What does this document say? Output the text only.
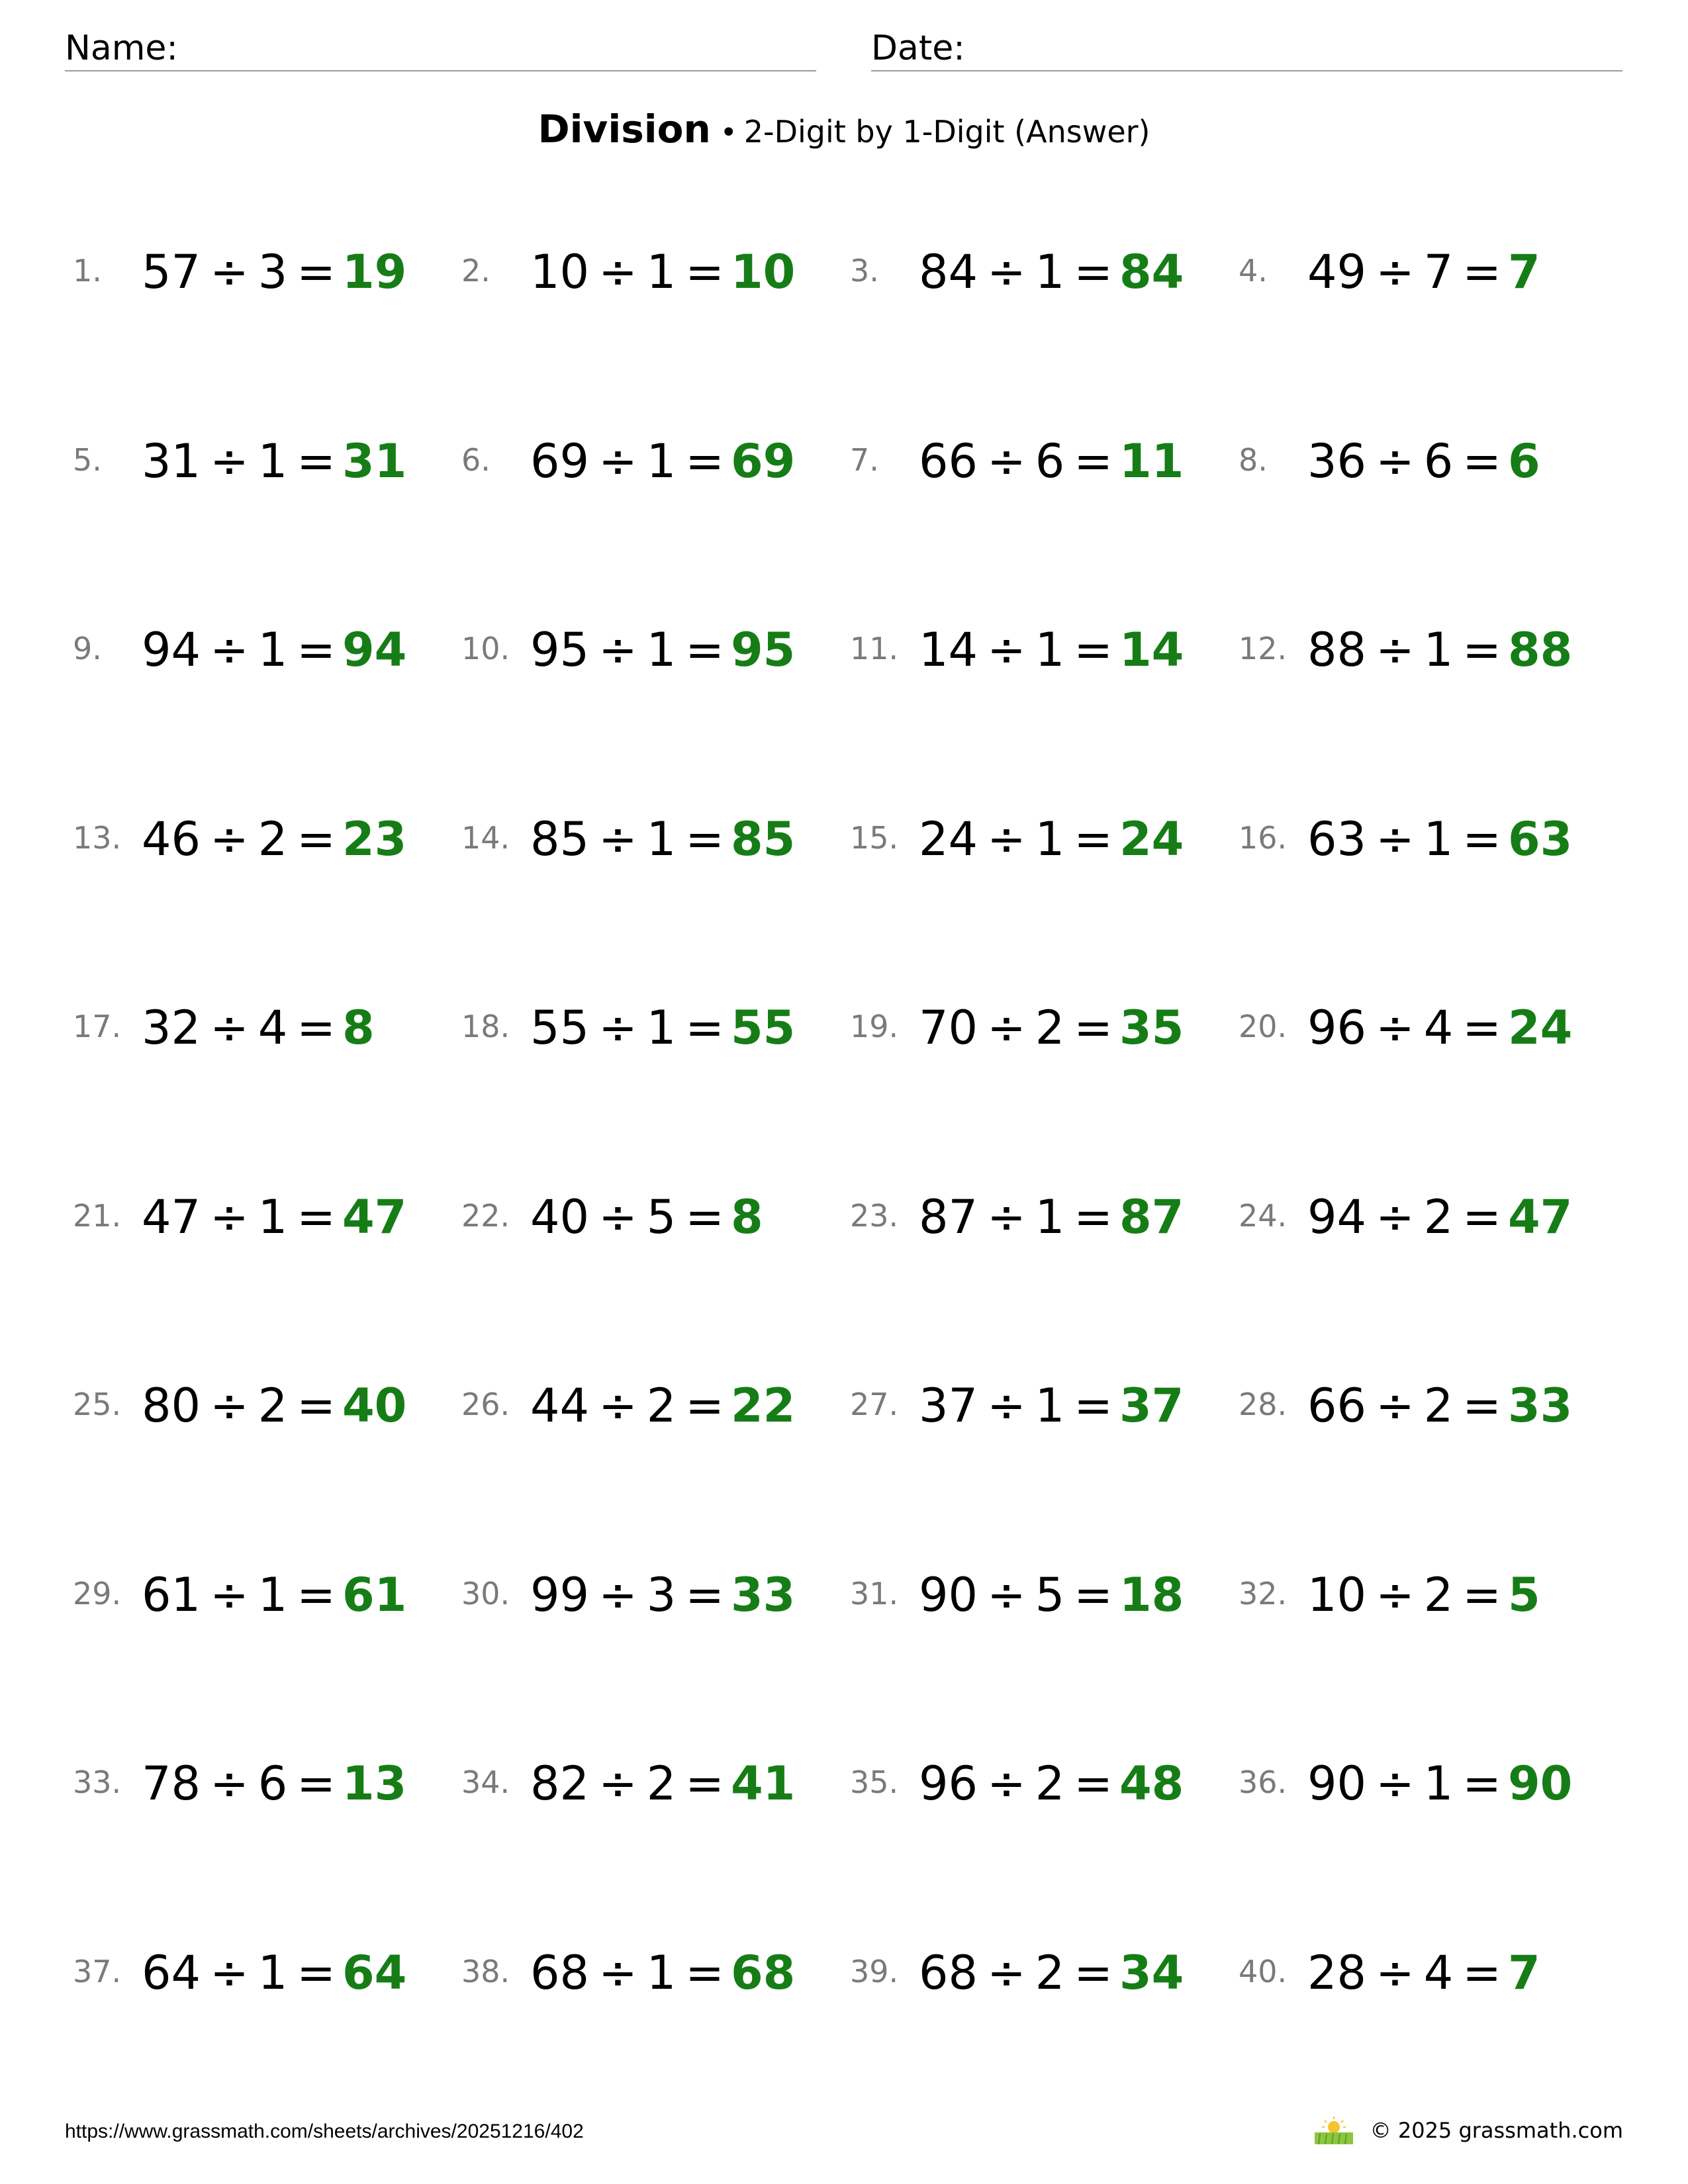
Name:	Date:
Division • 2-Digit by 1-Digit (Answer)
1. 57 ÷ 3 = 19 2. 10 ÷ 1 = 10 3. 84 ÷ 1 = 84 4. 49 ÷ 7 = 7
5. 31 ÷ 1 = 31 6. 69 ÷ 1 = 69 7. 66 ÷ 6 = 11 8. 36 ÷ 6 = 6
9. 94 ÷ 1 = 94 10. 95 ÷ 1 = 95 11. 14 ÷ 1 = 14 12. 88 ÷ 1 = 88
13. 46 ÷ 2 = 23 14. 85 ÷ 1 = 85 15. 24 ÷ 1 = 24 16. 63 ÷ 1 = 63
17. 32 ÷ 4 = 8	18. 55 ÷ 1 = 55 19. 70 ÷ 2 = 35 20. 96 ÷ 4 = 24
21. 47 ÷ 1 = 47 22. 40 ÷ 5 = 8	23. 87 ÷ 1 = 87 24. 94 ÷ 2 = 47
25. 80 ÷ 2 = 40 26. 44 ÷ 2 = 22 27. 37 ÷ 1 = 37 28. 66 ÷ 2 = 33
29. 61 ÷ 1 = 61 30. 99 ÷ 3 = 33 31. 90 ÷ 5 = 18 32. 10 ÷ 2 = 5
33. 78 ÷ 6 = 13 34. 82 ÷ 2 = 41 35. 96 ÷ 2 = 48 36. 90 ÷ 1 = 90
37. 64 ÷ 1 = 64 38. 68 ÷ 1 = 68 39. 68 ÷ 2 = 34 40. 28 ÷ 4 = 7
https://www.grassmath.com/sheets/archives/20251216/402	© 2025 grassmath.com
